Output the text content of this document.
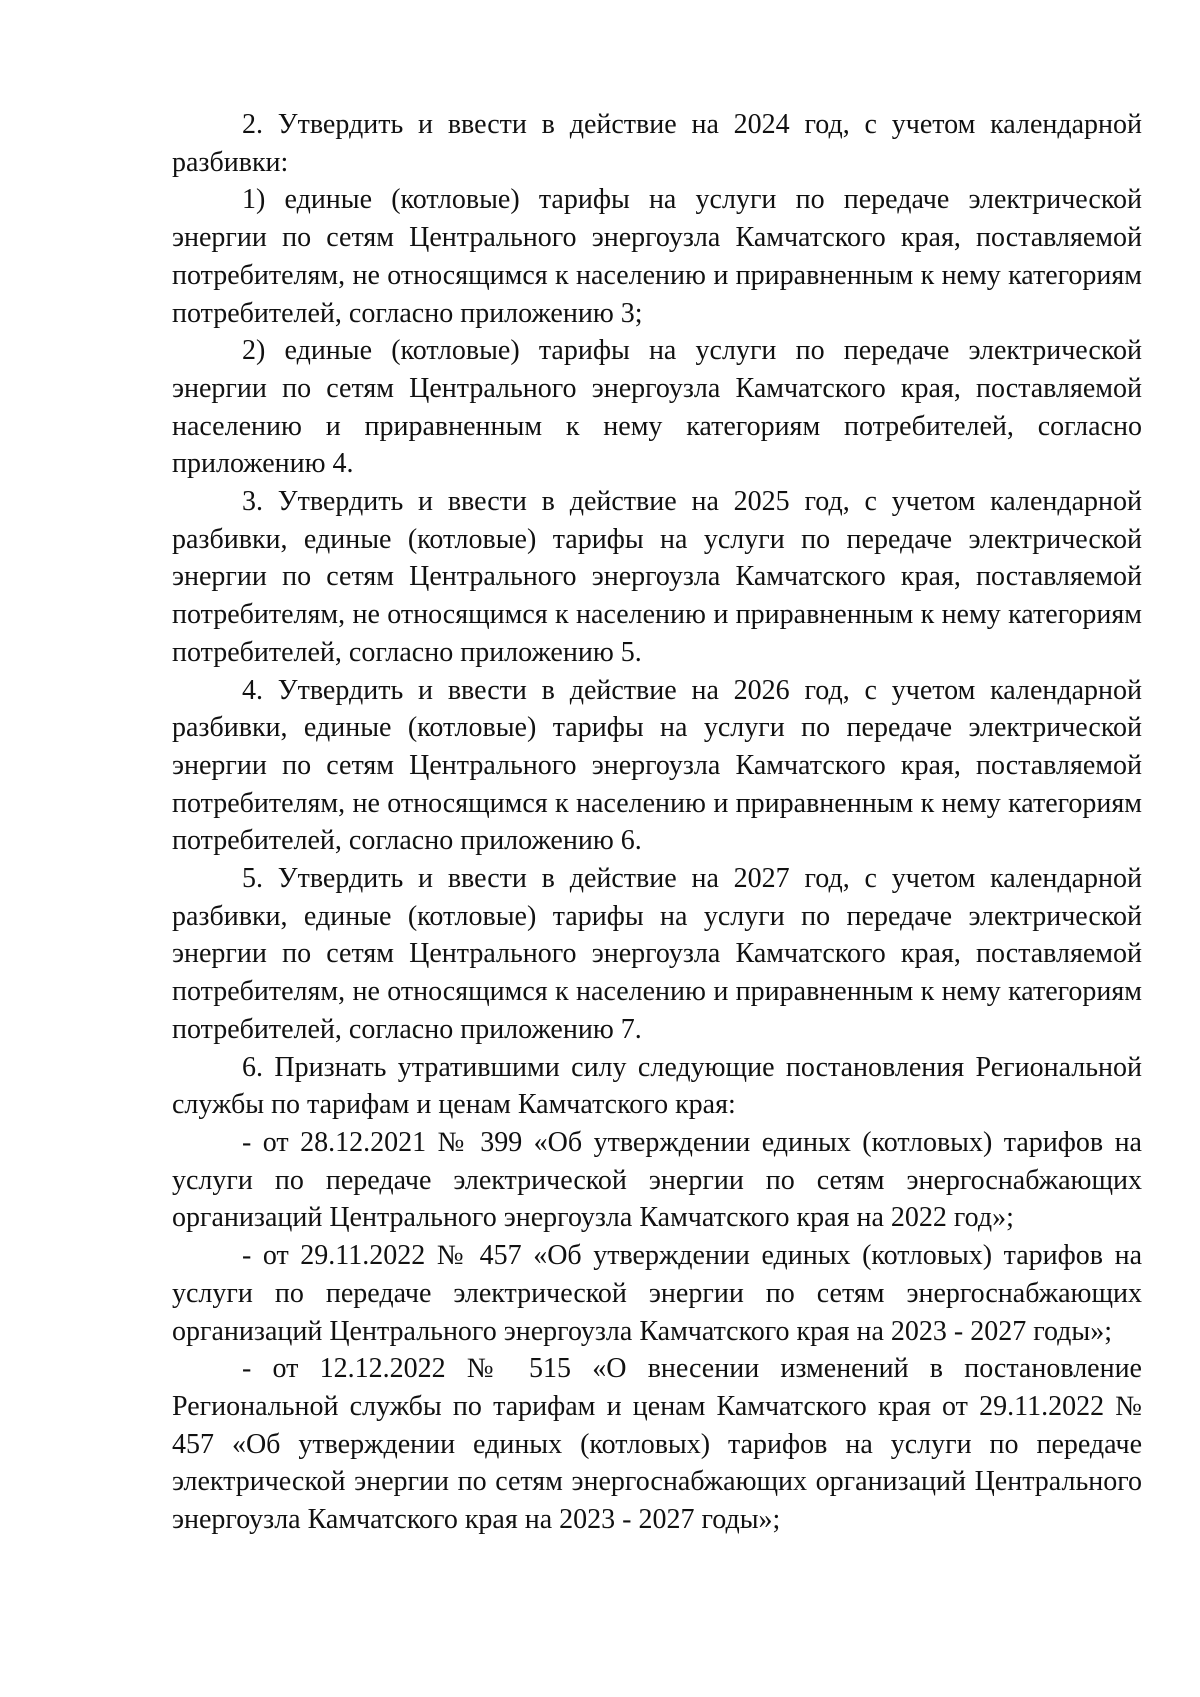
2. Утвердить и ввести в действие на 2024 год, с учетом календарной разбивки:

1) единые (котловые) тарифы на услуги по передаче электрической энергии по сетям Центрального энергоузла Камчатского края, поставляемой потребителям, не относящимся к населению и приравненным к нему категориям потребителей, согласно приложению 3;

2) единые (котловые) тарифы на услуги по передаче электрической энергии по сетям Центрального энергоузла Камчатского края, поставляемой населению и приравненным к нему категориям потребителей, согласно приложению 4.

3. Утвердить и ввести в действие на 2025 год, с учетом календарной разбивки, единые (котловые) тарифы на услуги по передаче электрической энергии по сетям Центрального энергоузла Камчатского края, поставляемой потребителям, не относящимся к населению и приравненным к нему категориям потребителей, согласно приложению 5.

4. Утвердить и ввести в действие на 2026 год, с учетом календарной разбивки, единые (котловые) тарифы на услуги по передаче электрической энергии по сетям Центрального энергоузла Камчатского края, поставляемой потребителям, не относящимся к населению и приравненным к нему категориям потребителей, согласно приложению 6.

5. Утвердить и ввести в действие на 2027 год, с учетом календарной разбивки, единые (котловые) тарифы на услуги по передаче электрической энергии по сетям Центрального энергоузла Камчатского края, поставляемой потребителям, не относящимся к населению и приравненным к нему категориям потребителей, согласно приложению 7.

6. Признать утратившими силу следующие постановления Региональной службы по тарифам и ценам Камчатского края:

- от 28.12.2021 № 399 «Об утверждении единых (котловых) тарифов на услуги по передаче электрической энергии по сетям энергоснабжающих организаций Центрального энергоузла Камчатского края на 2022 год»;

- от 29.11.2022 № 457 «Об утверждении единых (котловых) тарифов на услуги по передаче электрической энергии по сетям энергоснабжающих организаций Центрального энергоузла Камчатского края на 2023 - 2027 годы»;

- от 12.12.2022 № 515 «О внесении изменений в постановление Региональной службы по тарифам и ценам Камчатского края от 29.11.2022 № 457 «Об утверждении единых (котловых) тарифов на услуги по передаче электрической энергии по сетям энергоснабжающих организаций Центрального энергоузла Камчатского края на 2023 - 2027 годы»;
